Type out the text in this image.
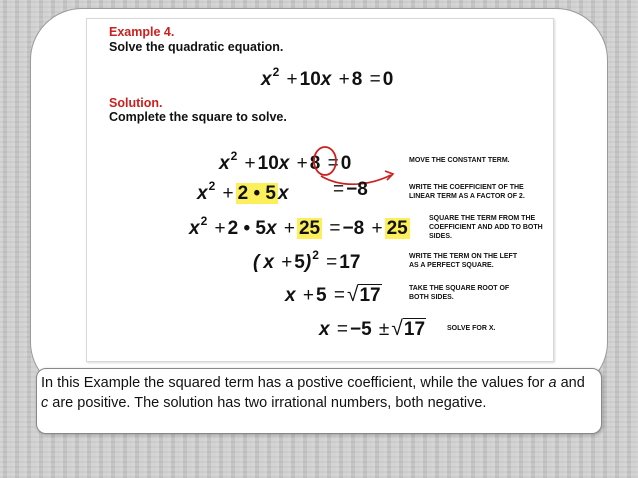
Example 4.
Solve the quadratic equation.
$x^2 + 10x + 8 = 0$
Solution.
Complete the square to solve.
$x^2 + 10x + 8 = 0$	MOVE THE CONSTANT TERM.
$x^2 + 2$ • 5 x = −8	WRITE THE COEFFICIENT OF THE
LINEAR TERM AS A FACTOR OF 2.
$x^2 + 2$ • 5x + 25 = −8 + 25	SQUARE THE TERM FROM THE
COEFFICIENT AND ADD TO BOTH
SIDES.
( x + 5)$^2$ = 17	WRITE THE TERM ON THE LEFT
AS A PERFECT SQUARE.
x + 5 =√17	TAKE THE SQUARE ROOT OF
BOTH SIDES.
x = −5 ±√17	SOLVE FOR X.
In this Example the squared term has a postive coefficient, while the values for a and c are positive. The solution has two irrational numbers, both negative.
